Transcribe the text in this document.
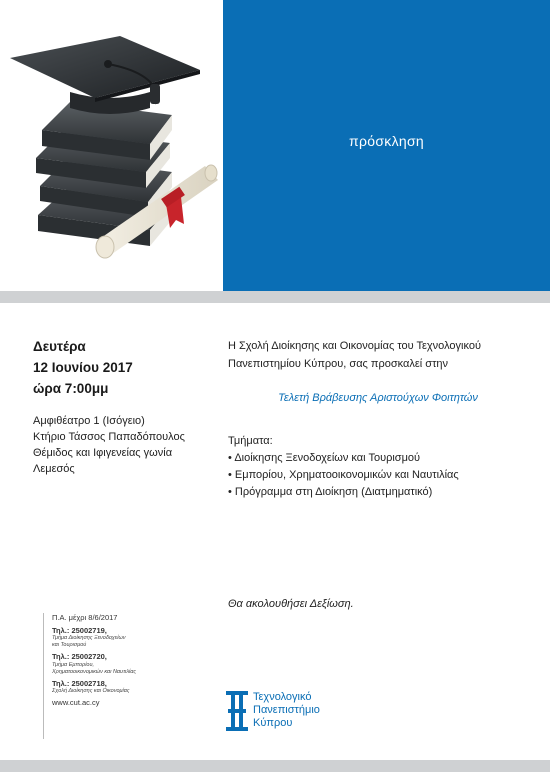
πρόσκληση
Δευτέρα
12 Ιουνίου 2017
ώρα 7:00μμ
Αμφιθέατρο 1 (Ισόγειο)
Κτήριο Τάσσος Παπαδόπουλος
Θέμιδος και Ιφιγενείας γωνία
Λεμεσός
Η Σχολή Διοίκησης και Οικονομίας του Τεχνολογικού
Πανεπιστημίου Κύπρου, σας προσκαλεί στην
Τελετή Βράβευσης Αριστούχων Φοιτητών
Τμήματα:
• Διοίκησης Ξενοδοχείων και Τουρισμού
• Εμπορίου, Χρηματοοικονομικών και Ναυτιλίας
• Πρόγραμμα στη Διοίκηση (Διατμηματικό)
Θα ακολουθήσει Δεξίωση.
Π.Α. μέχρι 8/6/2017
Τηλ.: 25002719,
Τμήμα Διοίκησης Ξενοδοχείων
και Τουρισμού
Τηλ.: 25002720,
Τμήμα Εμπορίου,
Χρηματοοικονομικών και Ναυτιλίας
Τηλ.: 25002718,
Σχολή Διοίκησης και Οικονομίας
www.cut.ac.cy	Τεχνολογικό
Πανεπιστήμιο
Κύπρου
